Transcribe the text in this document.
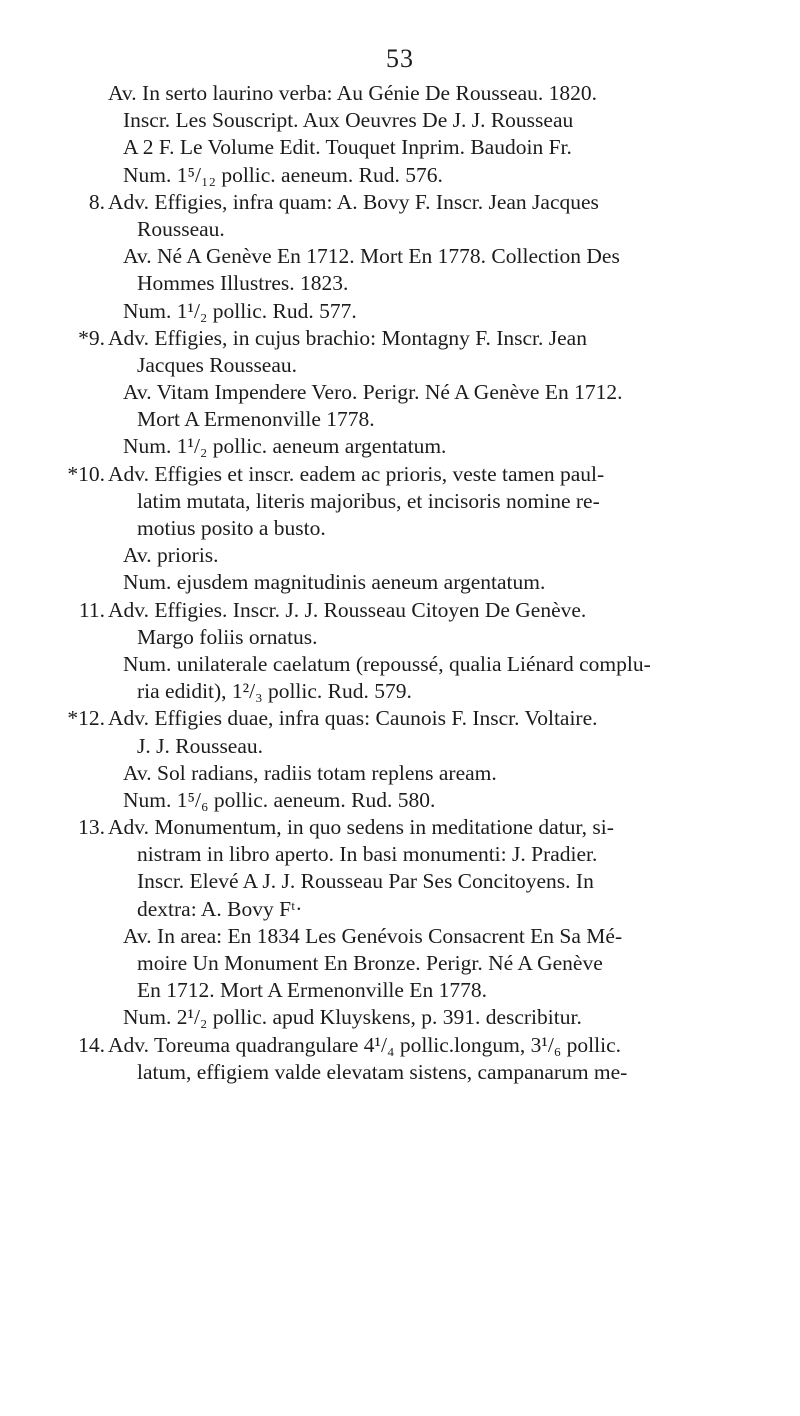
53
Av. In serto laurino verba: Au Génie De Rousseau. 1820.
Inscr. Les Souscript. Aux Oeuvres De J. J. Rousseau
A 2 F. Le Volume Edit. Touquet Inprim. Baudoin Fr.
Num. 1⁵/₁₂ pollic. aeneum. Rud. 576.
8. Adv. Effigies, infra quam: A. Bovy F. Inscr. Jean Jacques
Rousseau.
Av. Né A Genève En 1712. Mort En 1778. Collection Des
Hommes Illustres. 1823.
Num. 1¹/₂ pollic. Rud. 577.
*9. Adv. Effigies, in cujus brachio: Montagny F. Inscr. Jean
Jacques Rousseau.
Av. Vitam Impendere Vero. Perigr. Né A Genève En 1712.
Mort A Ermenonville 1778.
Num. 1¹/₂ pollic. aeneum argentatum.
*10. Adv. Effigies et inscr. eadem ac prioris, veste tamen paul-
latim mutata, literis majoribus, et incisoris nomine re-
motius posito a busto.
Av. prioris.
Num. ejusdem magnitudinis aeneum argentatum.
11. Adv. Effigies. Inscr. J. J. Rousseau Citoyen De Genève.
Margo foliis ornatus.
Num. unilaterale caelatum (repoussé, qualia Liénard complu-
ria edidit), 1²/₃ pollic. Rud. 579.
*12. Adv. Effigies duae, infra quas: Caunois F. Inscr. Voltaire.
J. J. Rousseau.
Av. Sol radians, radiis totam replens aream.
Num. 1⁵/₆ pollic. aeneum. Rud. 580.
13. Adv. Monumentum, in quo sedens in meditatione datur, si-
nistram in libro aperto. In basi monumenti: J. Pradier.
Inscr. Elevé A J. J. Rousseau Par Ses Concitoyens. In
dextra: A. Bovy Fᵗ·
Av. In area: En 1834 Les Genévois Consacrent En Sa Mé-
moire Un Monument En Bronze. Perigr. Né A Genève
En 1712. Mort A Ermenonville En 1778.
Num. 2¹/₂ pollic. apud Kluyskens, p. 391. describitur.
14. Adv. Toreuma quadrangulare 4¹/₄ pollic.longum, 3¹/₆ pollic.
latum, effigiem valde elevatam sistens, campanarum me-
